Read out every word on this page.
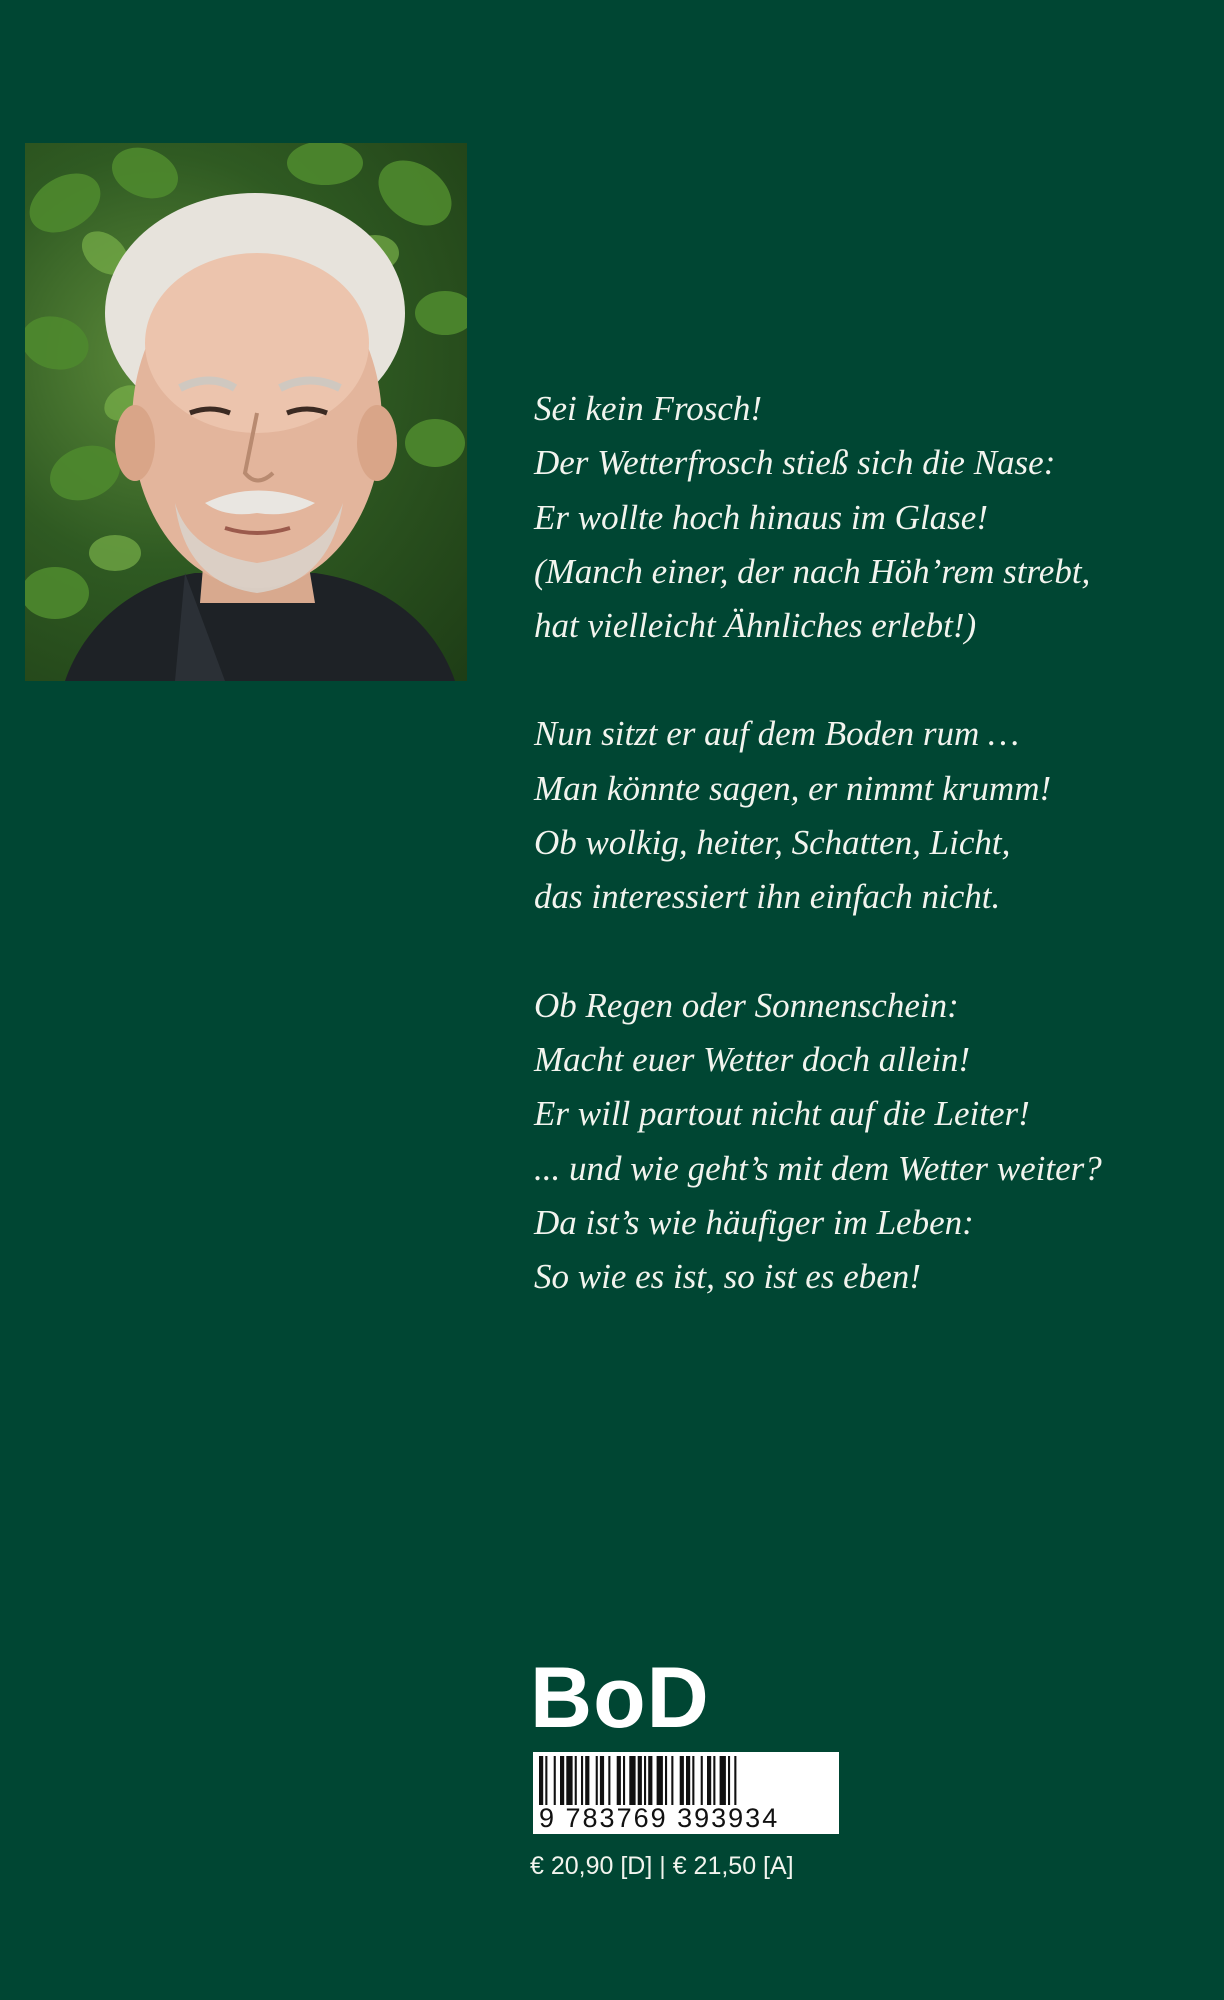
Sei kein Frosch!
Der Wetterfrosch stieß sich die Nase:
Er wollte hoch hinaus im Glase!
(Manch einer, der nach Höh’rem strebt,
hat vielleicht Ähnliches erlebt!)
Nun sitzt er auf dem Boden rum …
Man könnte sagen, er nimmt krumm!
Ob wolkig, heiter, Schatten, Licht,
das interessiert ihn einfach nicht.
Ob Regen oder Sonnenschein:
Macht euer Wetter doch allein!
Er will partout nicht auf die Leiter!
... und wie geht’s mit dem Wetter weiter?
Da ist’s wie häufiger im Leben:
So wie es ist, so ist es eben!
BoD
9 783769 393934
€ 20,90 [D] | € 21,50 [A]
